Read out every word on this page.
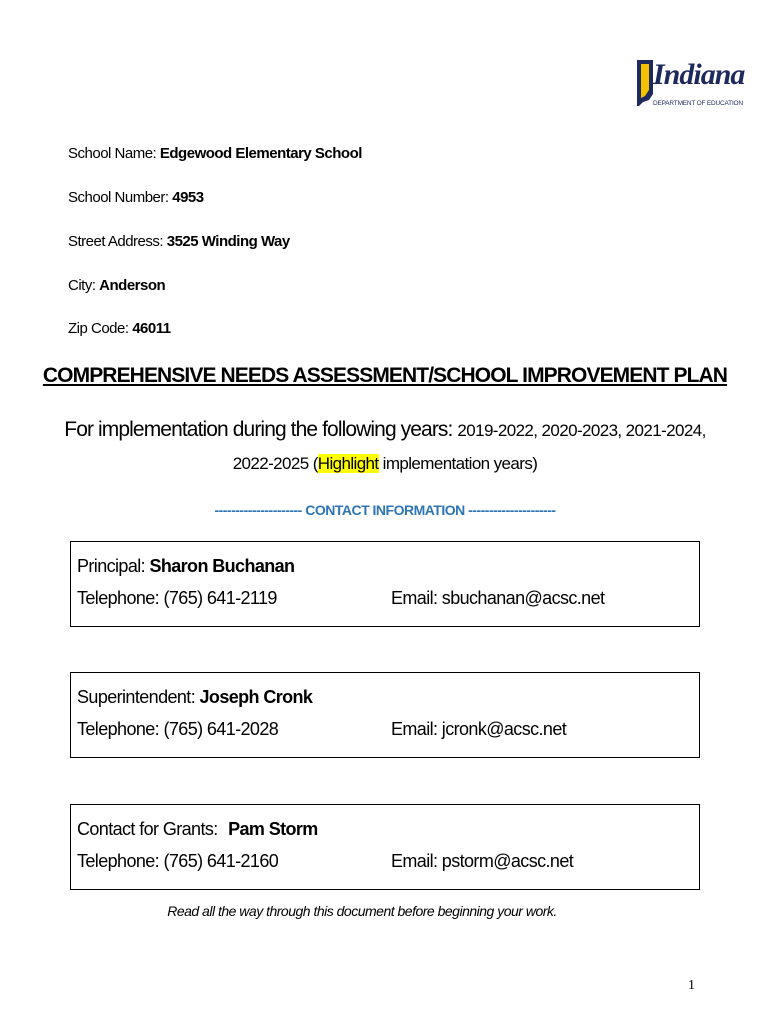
Indiana
DEPARTMENT OF EDUCATION
School Name: Edgewood Elementary School
School Number: 4953
Street Address: 3525 Winding Way
City: Anderson
Zip Code: 46011
COMPREHENSIVE NEEDS ASSESSMENT/SCHOOL IMPROVEMENT PLAN
For implementation during the following years: 2019-2022, 2020-2023, 2021-2024,
2022-2025 (Highlight implementation years)
--------------------- CONTACT INFORMATION ---------------------
Principal: Sharon Buchanan
Telephone: (765) 641-2119	Email: sbuchanan@acsc.net
Superintendent: Joseph Cronk
Telephone: (765) 641-2028	Email: jcronk@acsc.net
Contact for Grants: Pam Storm
Telephone: (765) 641-2160	Email: pstorm@acsc.net
Read all the way through this document before beginning your work.
1
